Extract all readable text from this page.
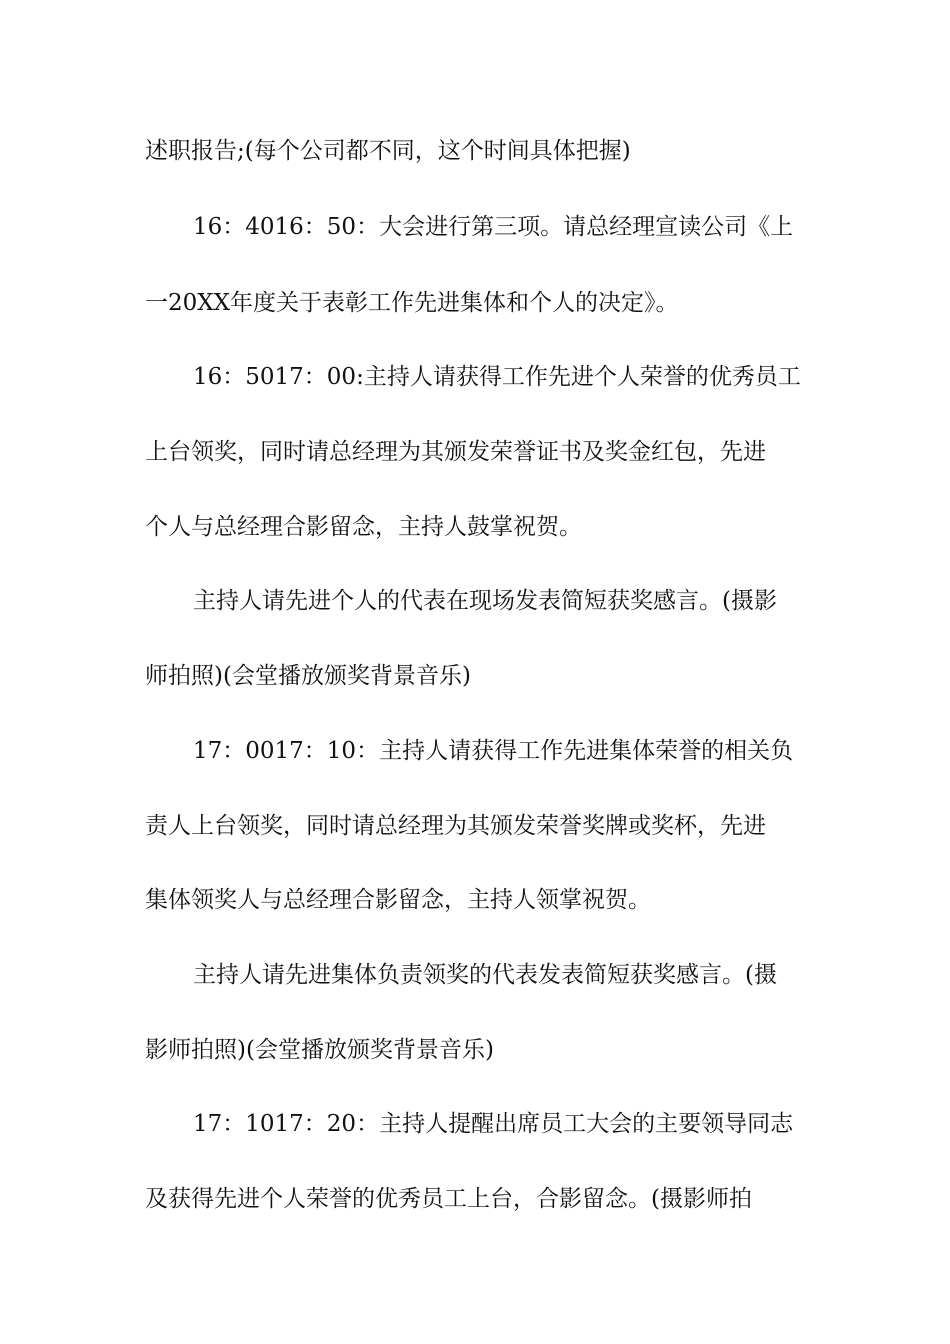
述职报告;(每个公司都不同，这个时间具体把握)
16：4016：50：大会进行第三项。请总经理宣读公司《上
一20XX年度关于表彰工作先进集体和个人的决定》。
16：5017：00:主持人请获得工作先进个人荣誉的优秀员工
上台领奖，同时请总经理为其颁发荣誉证书及奖金红包，先进
个人与总经理合影留念，主持人鼓掌祝贺。
主持人请先进个人的代表在现场发表简短获奖感言。(摄影
师拍照)(会堂播放颁奖背景音乐)
17：0017：10：主持人请获得工作先进集体荣誉的相关负
责人上台领奖，同时请总经理为其颁发荣誉奖牌或奖杯，先进
集体领奖人与总经理合影留念，主持人领掌祝贺。
主持人请先进集体负责领奖的代表发表简短获奖感言。(摄
影师拍照)(会堂播放颁奖背景音乐)
17：1017：20：主持人提醒出席员工大会的主要领导同志
及获得先进个人荣誉的优秀员工上台，合影留念。(摄影师拍
